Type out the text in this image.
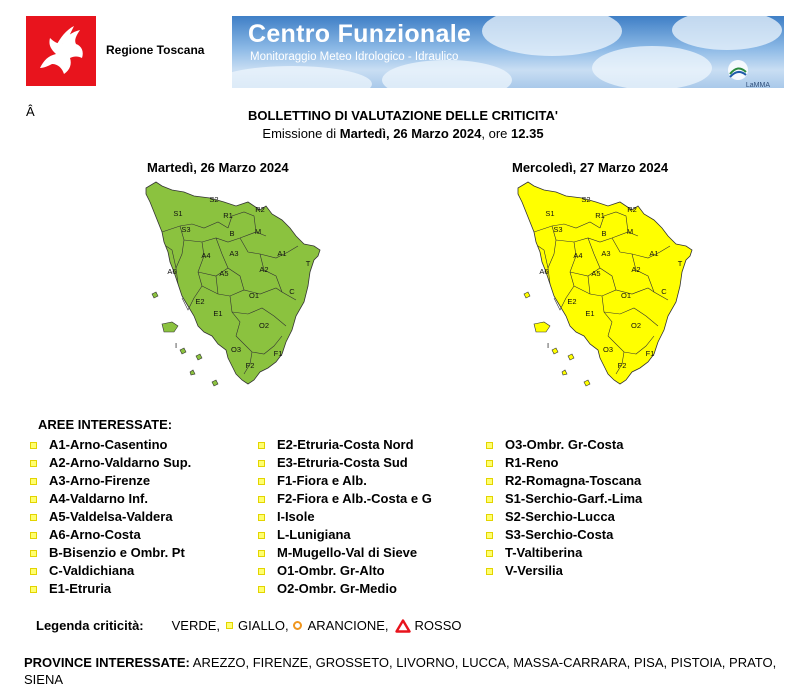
Regione Toscana
Centro Funzionale
Monitoraggio Meteo Idrologico - Idraulico
LaMMA
Â	BOLLETTINO DI VALUTAZIONE DELLE CRITICITA'
Emissione di Martedì, 26 Marzo 2024, ore 12.35
Martedì, 26 Marzo 2024	Mercoledì, 27 Marzo 2024
S2
R2
S1	R1
S3	B	M
A4	A3	A1
A6	A5	A2
T
E2
O1	C
E1
O2
O3	F1
I
F2
S2
R2
S1	R1
S3	B	M
A4	A3	A1
A6	A5	A2
T
E2
O1	C
E1
O2
O3	F1
I
F2
AREE INTERESSATE:
A1-Arno-Casentino
A2-Arno-Valdarno Sup.
A3-Arno-Firenze
A4-Valdarno Inf.
A5-Valdelsa-Valdera
A6-Arno-Costa
B-Bisenzio e Ombr. Pt
C-Valdichiana
E1-Etruria
E2-Etruria-Costa Nord
E3-Etruria-Costa Sud
F1-Fiora e Alb.
F2-Fiora e Alb.-Costa e G
I-Isole
L-Lunigiana
M-Mugello-Val di Sieve
O1-Ombr. Gr-Alto
O2-Ombr. Gr-Medio
O3-Ombr. Gr-Costa
R1-Reno
R2-Romagna-Toscana
S1-Serchio-Garf.-Lima
S2-Serchio-Lucca
S3-Serchio-Costa
T-Valtiberina
V-Versilia
Legenda criticità: VERDE, GIALLO, ARANCIONE, ROSSO
PROVINCE INTERESSATE: AREZZO, FIRENZE, GROSSETO, LIVORNO, LUCCA, MASSA-CARRARA, PISA, PISTOIA, PRATO, SIENA
